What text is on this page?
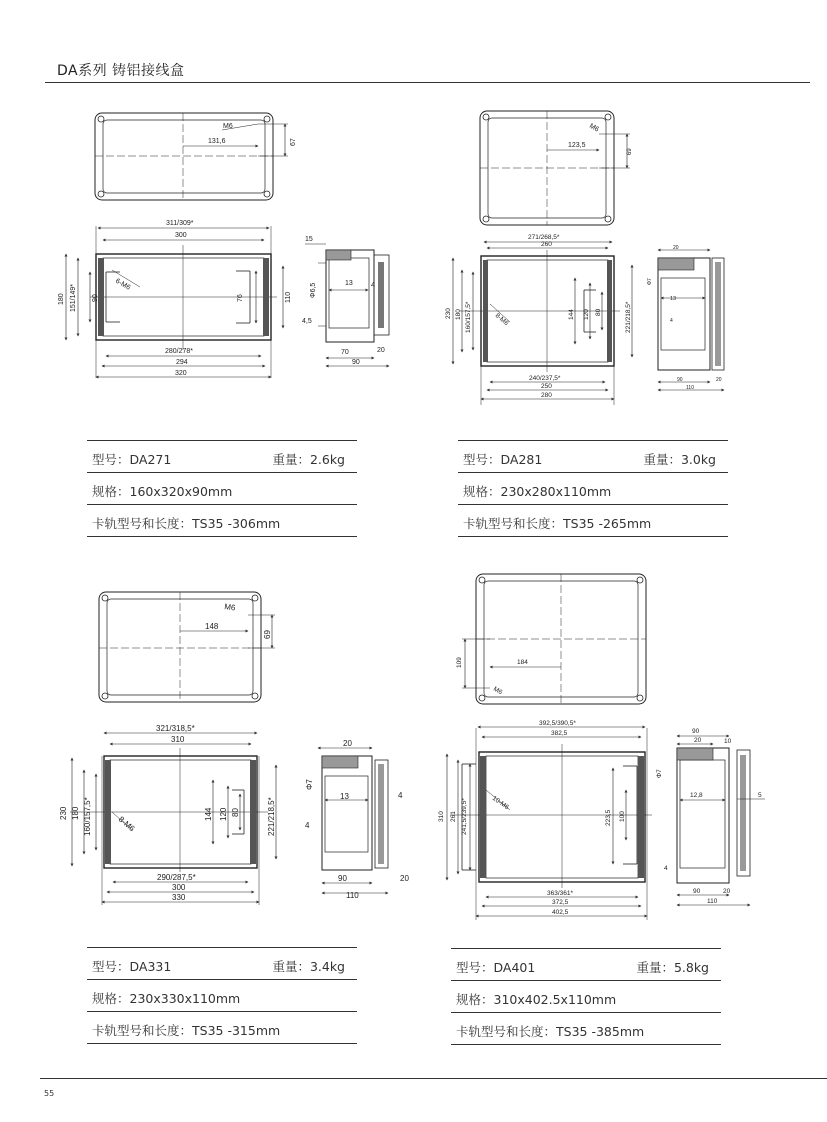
DA系列 铸铝接线盒
M6
131,6	67
311/309*
300
280/278*
294
320
180 151/149* 90	76	110
6-M6
15
Φ6,5	13	4
4,5
70	20
90
M6
123,5
69
271/268,5*
260
240/237,5*
250
280
230 180 160/157,5*	144 120 80	221/218,5*
8-M6
20
Φ7
13
4
90	20
110
M6
148
69
321/318,5*
310
290/287,5*
300
330
230 180 160/157,5*	144 120 80	221/218,5*
8-M6
20
Φ7
13
4
4
90	20
110
M6
184
109
392,5/390,5*
382,5
363/361*
372,5
402,5
310 261 241,5/239,5*	223,5 100
10-M6
90
20	10
Φ7
12,8	5
4
90	20
110
型号：DA271	重量：2.6kg
规格：160x320x90mm
卡轨型号和长度：TS35 -306mm
型号：DA281	重量：3.0kg
规格：230x280x110mm
卡轨型号和长度：TS35 -265mm
型号：DA331	重量：3.4kg
规格：230x330x110mm
卡轨型号和长度：TS35 -315mm
型号：DA401	重量：5.8kg
规格：310x402.5x110mm
卡轨型号和长度：TS35 -385mm
55
